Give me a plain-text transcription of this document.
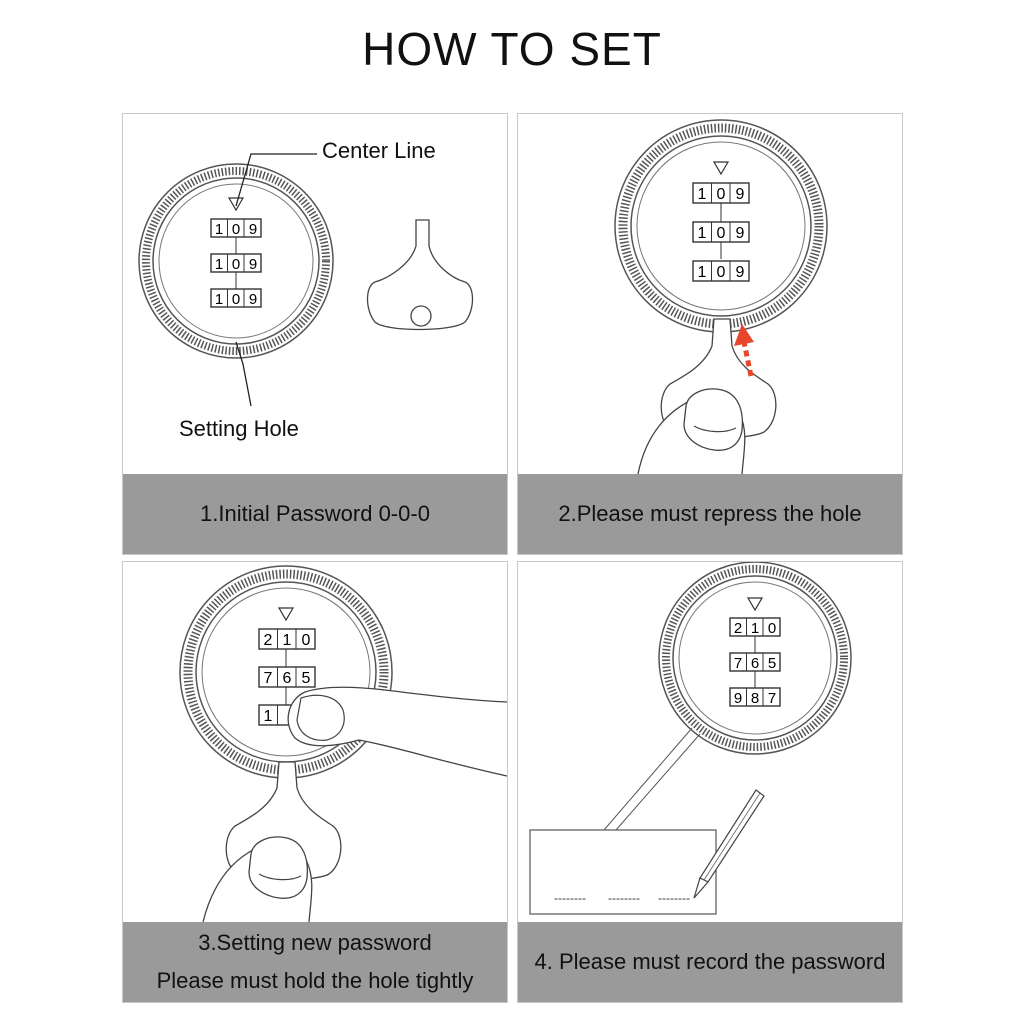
HOW TO SET
1 0 9
1 0 9
1 0 9
Center Line
Setting Hole
1.Initial Password 0-0-0
1 0 9
1 0 9
1 0 9
2.Please must repress the hole
2 1 0
7 6 5
1
3.Setting new password
Please must hold the hole tightly
2 1 0
7 6 5
9 8 7
-------- -------- --------
4. Please must record the password
